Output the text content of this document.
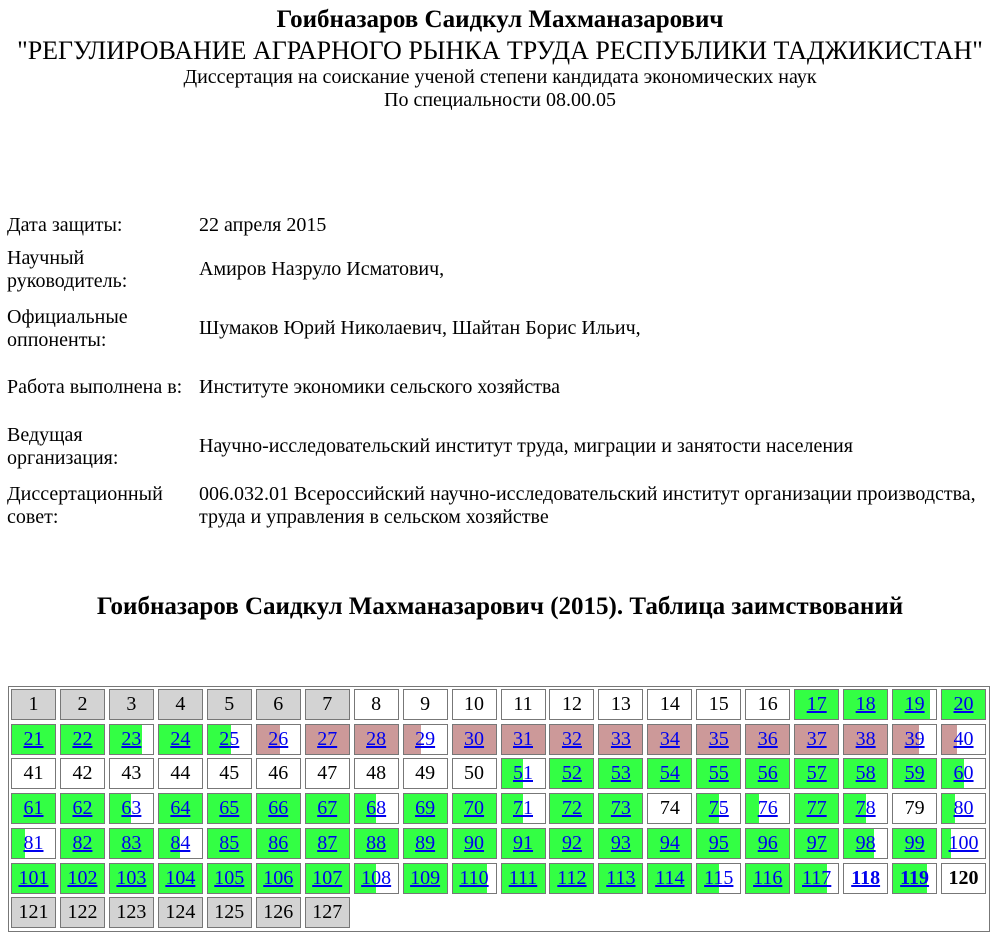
Гоибназаров Саидкул Махманазарович
"РЕГУЛИРОВАНИЕ АГРАРНОГО РЫНКА ТРУДА РЕСПУБЛИКИ ТАДЖИКИСТАН"
Диссертация на соискание ученой степени кандидата экономических наук
По специальности 08.00.05
Дата защиты:	22 апреля 2015
Научный руководитель:	Амиров Назруло Исматович,
Официальные оппоненты:	Шумаков Юрий Николаевич, Шайтан Борис Ильич,
Работа выполнена в:	Институте экономики сельского хозяйства
Ведущая организация:	Научно-исследовательский институт труда, миграции и занятости населения
Диссертационный совет:	006.032.01 Всероссийский научно-исследовательский институт организации производства, труда и управления в сельском хозяйстве
Гоибназаров Саидкул Махманазарович (2015). Таблица заимствований
1	2	3	4	5	6	7	8	9	10	11	12	13	14	15	16	17	18	19	20
21	22	23	24	25	26	27	28	29	30	31	32	33	34	35	36	37	38	39	40
41	42	43	44	45	46	47	48	49	50	51	52	53	54	55	56	57	58	59	60
61	62	63	64	65	66	67	68	69	70	71	72	73	74	75	76	77	78	79	80
81	82	83	84	85	86	87	88	89	90	91	92	93	94	95	96	97	98	99	100
101 102 103 104 105 106 107 108 109 110	111	112 113 114 115 116 117 118	119 120
121 122 123 124 125 126 127
